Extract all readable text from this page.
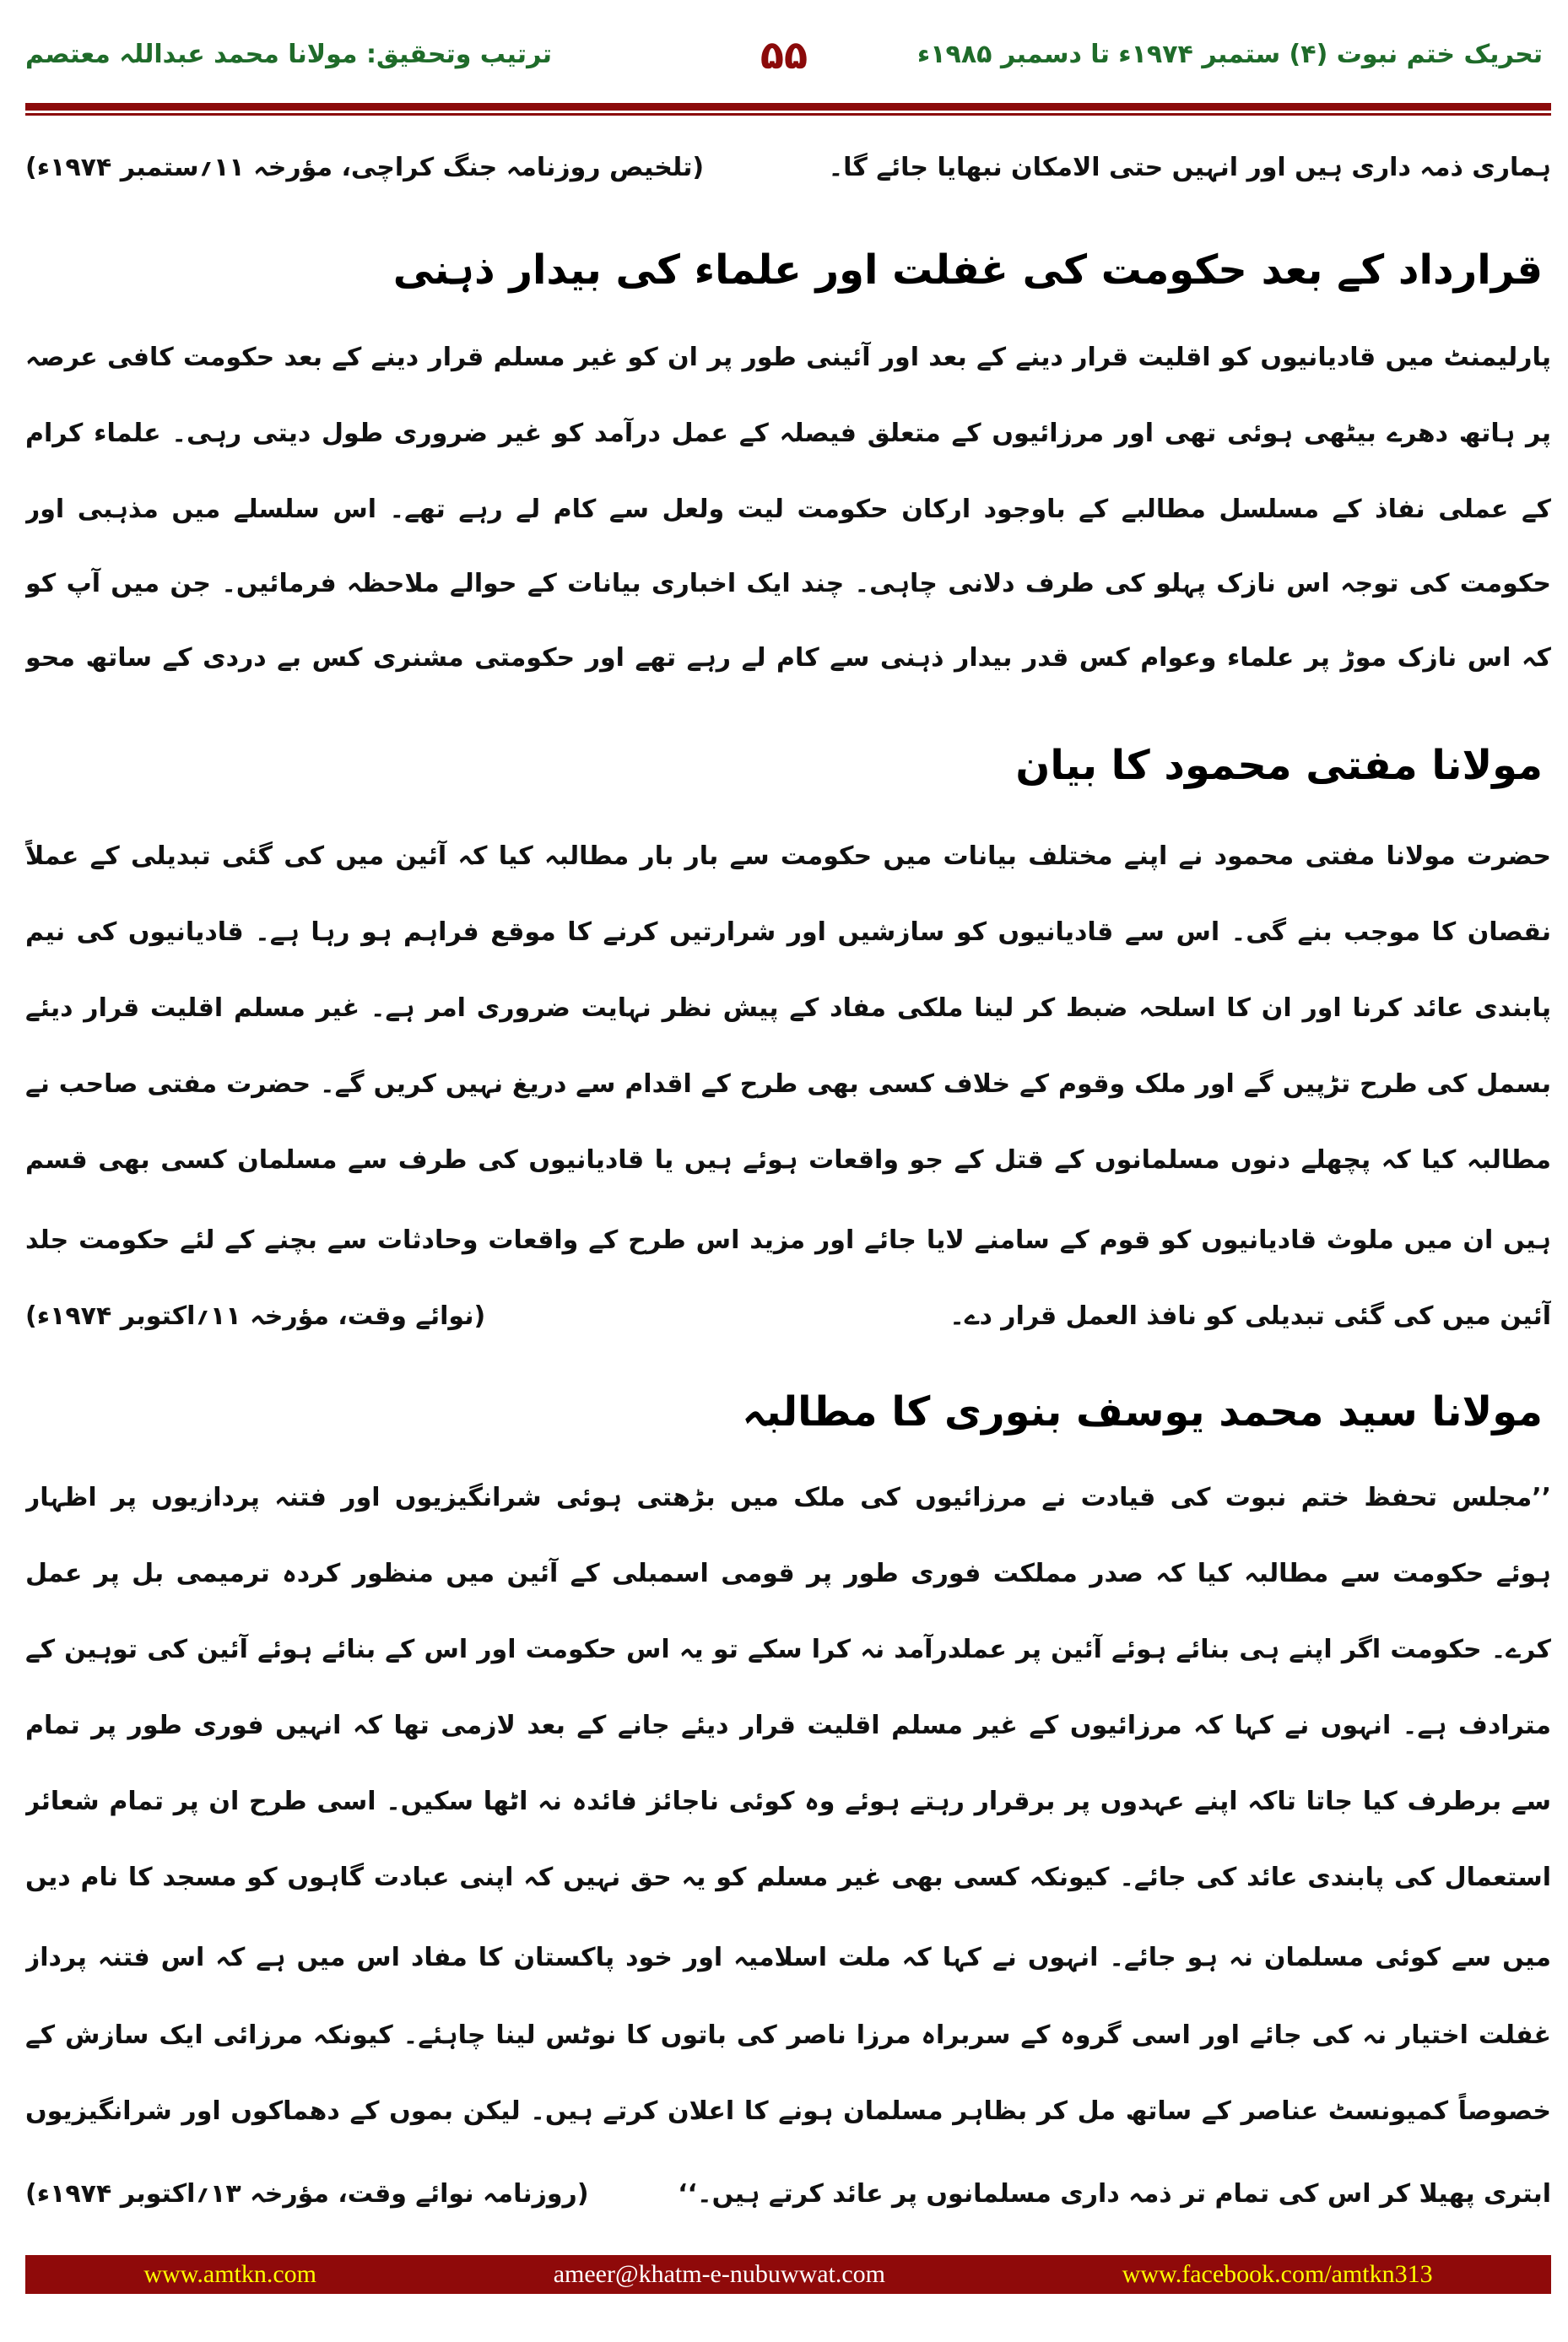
تحریک ختم نبوت (۴) ستمبر ۱۹۷۴ء تا دسمبر ۱۹۸۵ء
۵۵
ترتیب وتحقیق: مولانا محمد عبداللہ معتصم
ہماری ذمہ داری ہیں اور انہیں حتی الامکان نبھایا جائے گا۔
(تلخیص روزنامہ جنگ کراچی، مؤرخہ ۱۱؍ستمبر ۱۹۷۴ء)
قرارداد کے بعد حکومت کی غفلت اور علماء کی بیدار ذہنی
پارلیمنٹ میں قادیانیوں کو اقلیت قرار دینے کے بعد اور آئینی طور پر ان کو غیر مسلم قرار دینے کے بعد حکومت کافی عرصہ
پر ہاتھ دھرے بیٹھی ہوئی تھی اور مرزائیوں کے متعلق فیصلہ کے عمل درآمد کو غیر ضروری طول دیتی رہی۔ علماء کرام
کے عملی نفاذ کے مسلسل مطالبے کے باوجود ارکان حکومت لیت ولعل سے کام لے رہے تھے۔ اس سلسلے میں مذہبی اور
حکومت کی توجہ اس نازک پہلو کی طرف دلانی چاہی۔ چند ایک اخباری بیانات کے حوالے ملاحظہ فرمائیں۔ جن میں آپ کو
کہ اس نازک موڑ پر علماء وعوام کس قدر بیدار ذہنی سے کام لے رہے تھے اور حکومتی مشنری کس بے دردی کے ساتھ محو
مولانا مفتی محمود کا بیان
حضرت مولانا مفتی محمود نے اپنے مختلف بیانات میں حکومت سے بار بار مطالبہ کیا کہ آئین میں کی گئی تبدیلی کے عملاً
نقصان کا موجب بنے گی۔ اس سے قادیانیوں کو سازشیں اور شرارتیں کرنے کا موقع فراہم ہو رہا ہے۔ قادیانیوں کی نیم
پابندی عائد کرنا اور ان کا اسلحہ ضبط کر لینا ملکی مفاد کے پیش نظر نہایت ضروری امر ہے۔ غیر مسلم اقلیت قرار دیئے
بسمل کی طرح تڑپیں گے اور ملک وقوم کے خلاف کسی بھی طرح کے اقدام سے دریغ نہیں کریں گے۔ حضرت مفتی صاحب نے
مطالبہ کیا کہ پچھلے دنوں مسلمانوں کے قتل کے جو واقعات ہوئے ہیں یا قادیانیوں کی طرف سے مسلمان کسی بھی قسم
ہیں ان میں ملوث قادیانیوں کو قوم کے سامنے لایا جائے اور مزید اس طرح کے واقعات وحادثات سے بچنے کے لئے حکومت جلد
آئین میں کی گئی تبدیلی کو نافذ العمل قرار دے۔
(نوائے وقت، مؤرخہ ۱۱؍اکتوبر ۱۹۷۴ء)
مولانا سید محمد یوسف بنوری کا مطالبہ
’’مجلس تحفظ ختم نبوت کی قیادت نے مرزائیوں کی ملک میں بڑھتی ہوئی شرانگیزیوں اور فتنہ پردازیوں پر اظہار
ہوئے حکومت سے مطالبہ کیا کہ صدر مملکت فوری طور پر قومی اسمبلی کے آئین میں منظور کردہ ترمیمی بل پر عمل
کرے۔ حکومت اگر اپنے ہی بنائے ہوئے آئین پر عملدرآمد نہ کرا سکے تو یہ اس حکومت اور اس کے بنائے ہوئے آئین کی توہین کے
مترادف ہے۔ انہوں نے کہا کہ مرزائیوں کے غیر مسلم اقلیت قرار دیئے جانے کے بعد لازمی تھا کہ انہیں فوری طور پر تمام
سے برطرف کیا جاتا تاکہ اپنے عہدوں پر برقرار رہتے ہوئے وہ کوئی ناجائز فائدہ نہ اٹھا سکیں۔ اسی طرح ان پر تمام شعائر
استعمال کی پابندی عائد کی جائے۔ کیونکہ کسی بھی غیر مسلم کو یہ حق نہیں کہ اپنی عبادت گاہوں کو مسجد کا نام دیں
میں سے کوئی مسلمان نہ ہو جائے۔ انہوں نے کہا کہ ملت اسلامیہ اور خود پاکستان کا مفاد اس میں ہے کہ اس فتنہ پرداز
غفلت اختیار نہ کی جائے اور اسی گروہ کے سربراہ مرزا ناصر کی باتوں کا نوٹس لینا چاہئے۔ کیونکہ مرزائی ایک سازش کے
خصوصاً کمیونسٹ عناصر کے ساتھ مل کر بظاہر مسلمان ہونے کا اعلان کرتے ہیں۔ لیکن بموں کے دھماکوں اور شرانگیزیوں
ابتری پھیلا کر اس کی تمام تر ذمہ داری مسلمانوں پر عائد کرتے ہیں۔‘‘
(روزنامہ نوائے وقت، مؤرخہ ۱۳؍اکتوبر ۱۹۷۴ء)
www.amtkn.com	ameer@khatm-e-nubuwwat.com	www.facebook.com/amtkn313
